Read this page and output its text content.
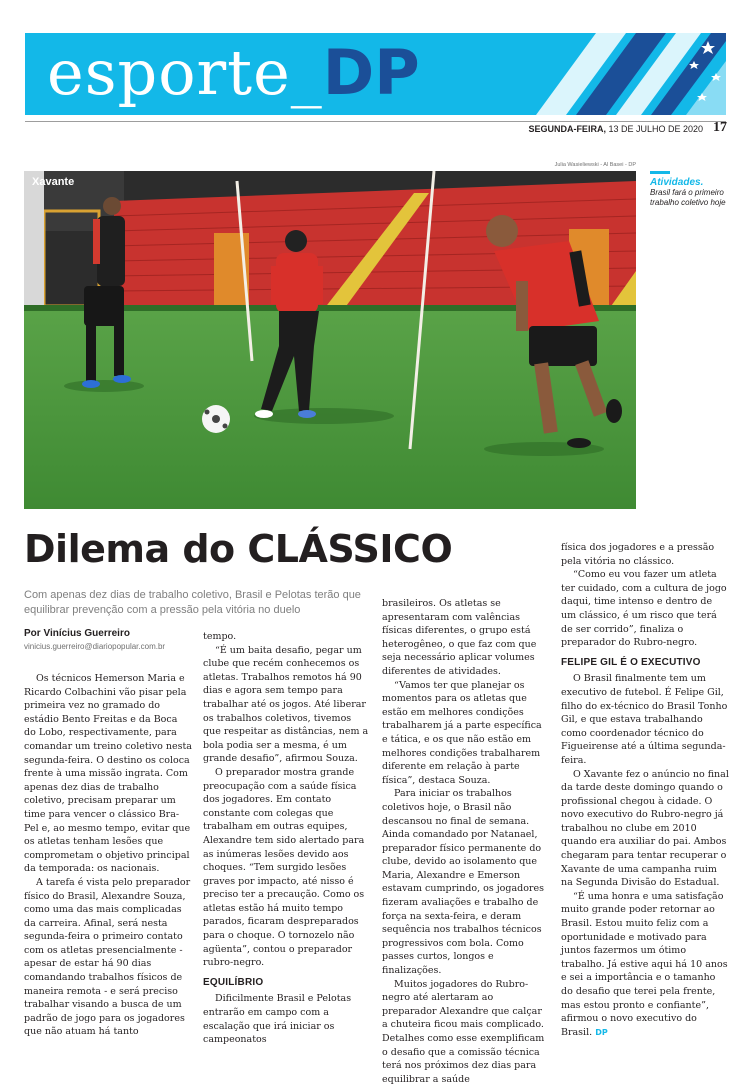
esporte_DP
SEGUNDA-FEIRA, 13 DE JULHO DE 2020 17
Julia Wasieliewski - Al Basei - DP
Xavante	Atividades.
Brasil fará o primeiro trabalho coletivo hoje
Dilema do CLÁSSICO
Com apenas dez dias de trabalho coletivo, Brasil e Pelotas terão que equilibrar prevenção com a pressão pela vitória no duelo
Por Vinícius Guerreiro
vinicius.guerreiro@diariopopular.com.br

Os técnicos Hemerson Maria e Ricardo Colbachini vão pisar pela primeira vez no gramado do estádio Bento Freitas e da Boca do Lobo, respectivamente, para comandar um treino coletivo nesta segunda-feira. O destino os coloca frente à uma missão ingrata. Com apenas dez dias de trabalho coletivo, precisam preparar um time para vencer o clássico Bra-Pel e, ao mesmo tempo, evitar que os atletas tenham lesões que comprometam o objetivo principal da temporada: os nacionais.

A tarefa é vista pelo preparador físico do Brasil, Alexandre Souza, como uma das mais complicadas da carreira. Afinal, será nesta segunda-feira o primeiro contato com os atletas presencialmente - apesar de estar há 90 dias comandando trabalhos físicos de maneira remota - e será preciso trabalhar visando a busca de um padrão de jogo para os jogadores que não atuam há tanto

tempo.

“É um baita desafio, pegar um clube que recém conhecemos os atletas. Trabalhos remotos há 90 dias e agora sem tempo para trabalhar até os jogos. Até liberar os trabalhos coletivos, tivemos que respeitar as distâncias, nem a bola podia ser a mesma, é um grande desafio”, afirmou Souza.

O preparador mostra grande preocupação com a saúde física dos jogadores. Em contato constante com colegas que trabalham em outras equipes, Alexandre tem sido alertado para as inúmeras lesões devido aos choques. “Tem surgido lesões graves por impacto, até nisso é preciso ter a precaução. Como os atletas estão há muito tempo parados, ficaram despreparados para o choque. O tornozelo não agüenta”, contou o preparador rubro-negro.

EQUILÍBRIO

Dificilmente Brasil e Pelotas entrarão em campo com a escalação que irá iniciar os campeonatos

brasileiros. Os atletas se apresentaram com valências físicas diferentes, o grupo está heterogêneo, o que faz com que seja necessário aplicar volumes diferentes de atividades.

“Vamos ter que planejar os momentos para os atletas que estão em melhores condições trabalharem já a parte específica e tática, e os que não estão em melhores condições trabalharem diferente em relação à parte física”, destaca Souza.

Para iniciar os trabalhos coletivos hoje, o Brasil não descansou no final de semana. Ainda comandado por Natanael, preparador físico permanente do clube, devido ao isolamento que Maria, Alexandre e Emerson estavam cumprindo, os jogadores fizeram avaliações e trabalho de força na sexta-feira, e deram sequência nos trabalhos técnicos progressivos com bola. Como passes curtos, longos e finalizações.

Muitos jogadores do Rubro-negro até alertaram ao preparador Alexandre que calçar a chuteira ficou mais complicado. Detalhes como esse exemplificam o desafio que a comissão técnica terá nos próximos dez dias para equilibrar a saúde

física dos jogadores e a pressão pela vitória no clássico.

“Como eu vou fazer um atleta ter cuidado, com a cultura de jogo daqui, time intenso e dentro de um clássico, é um risco que terá de ser corrido”, finaliza o preparador do Rubro-negro.

FELIPE GIL É O EXECUTIVO

O Brasil finalmente tem um executivo de futebol. É Felipe Gil, filho do ex-técnico do Brasil Tonho Gil, e que estava trabalhando como coordenador técnico do Figueirense até a última segunda-feira.

O Xavante fez o anúncio no final da tarde deste domingo quando o profissional chegou à cidade. O novo executivo do Rubro-negro já trabalhou no clube em 2010 quando era auxiliar do pai. Ambos chegaram para tentar recuperar o Xavante de uma campanha ruim na Segunda Divisão do Estadual.

“É uma honra e uma satisfação muito grande poder retornar ao Brasil. Estou muito feliz com a oportunidade e motivado para juntos fazermos um ótimo trabalho. Já estive aqui há 10 anos e sei a importância e o tamanho do desafio que terei pela frente, mas estou pronto e confiante”, afirmou o novo executivo do Brasil. DP
